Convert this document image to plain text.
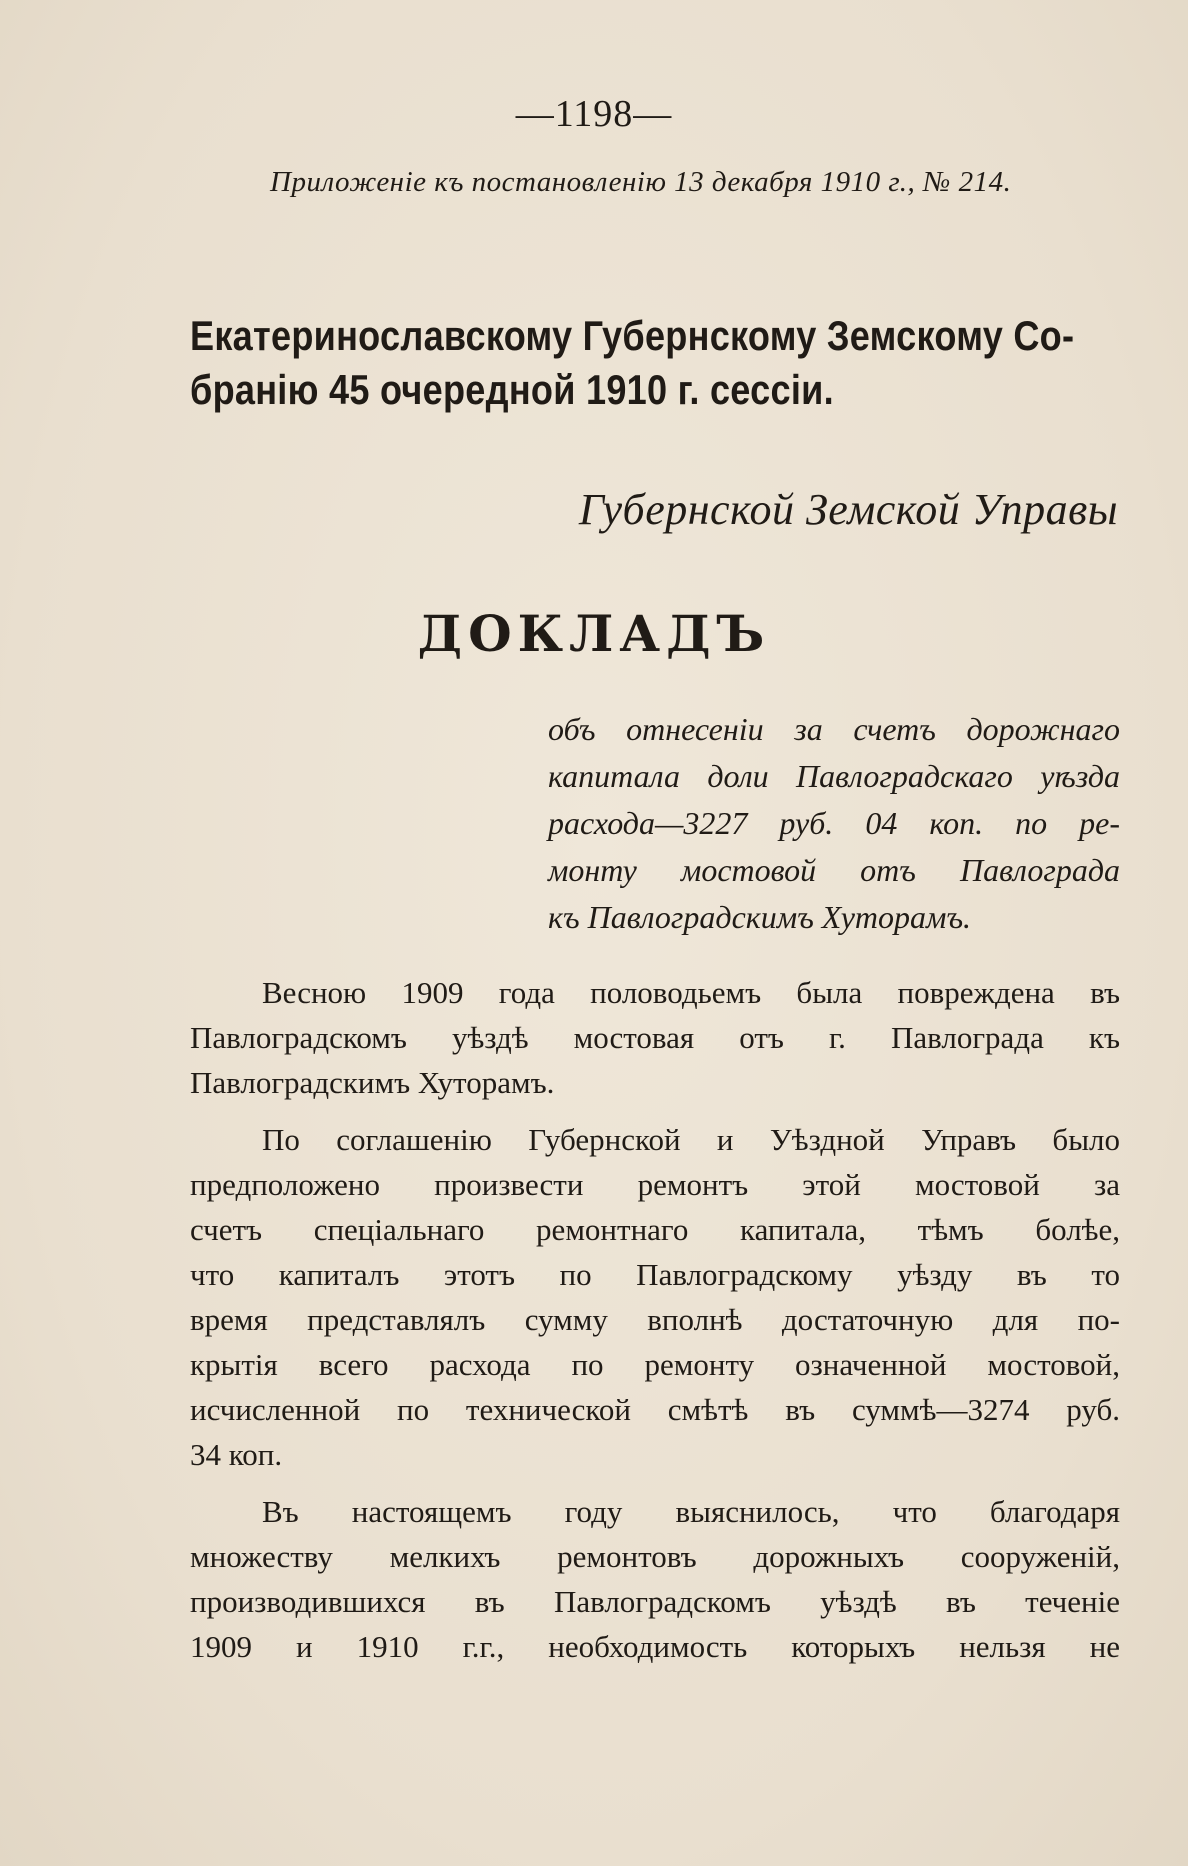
—1198—
Приложеніе къ постановленію 13 декабря 1910 г., № 214.
Екатеринославскому Губернскому Земскому Со-
бранію 45 очередной 1910 г. сессіи.
Губернской Земской Управы
ДОКЛАДЪ
объ отнесеніи за счетъ дорожнаго
капитала доли Павлоградскаго уѣзда
расхода—3227 руб. 04 коп. по ре-
монту мостовой отъ Павлограда
къ Павлоградскимъ Хуторамъ.
Весною 1909 года половодьемъ была повреждена въ
Павлоградскомъ уѣздѣ мостовая отъ г. Павлограда къ
Павлоградскимъ Хуторамъ.
По соглашенію Губернской и Уѣздной Управъ было
предположено произвести ремонтъ этой мостовой за
счетъ спеціальнаго ремонтнаго капитала, тѣмъ болѣе,
что капиталъ этотъ по Павлоградскому уѣзду въ то
время представлялъ сумму вполнѣ достаточную для по-
крытія всего расхода по ремонту означенной мостовой,
исчисленной по технической смѣтѣ въ суммѣ—3274 руб.
34 коп.
Въ настоящемъ году выяснилось, что благодаря
множеству мелкихъ ремонтовъ дорожныхъ сооруженій,
производившихся въ Павлоградскомъ уѣздѣ въ теченіе
1909 и 1910 г.г., необходимость которыхъ нельзя не
